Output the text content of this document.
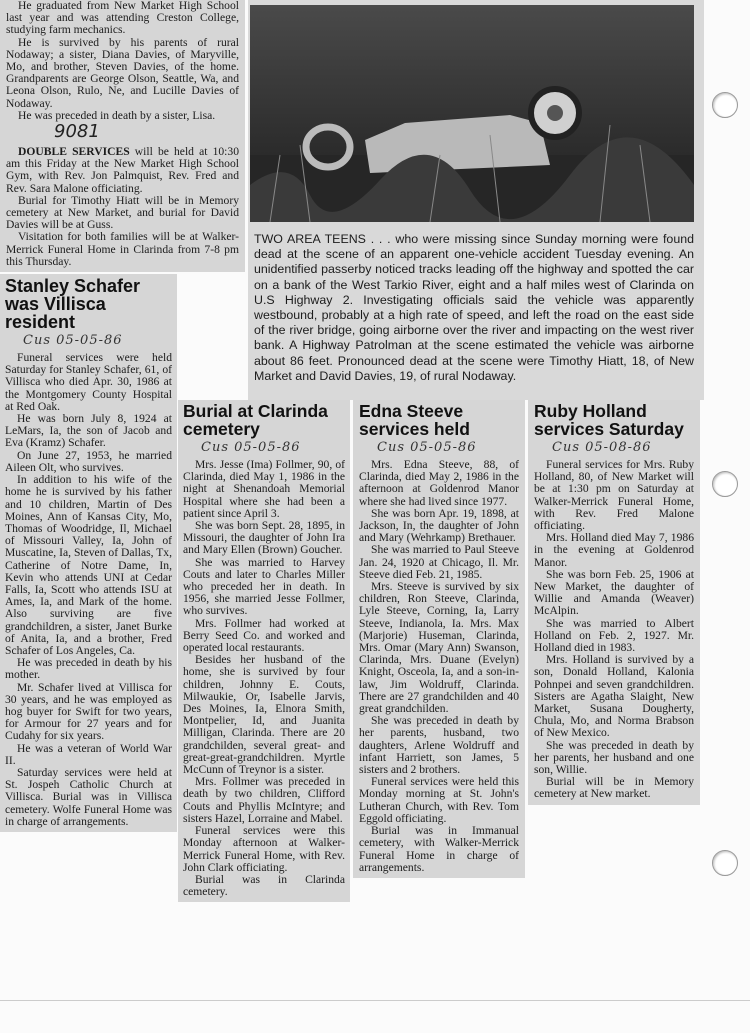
He graduated from New Market High School last year and was attending Creston College, studying farm mechanics.

He is survived by his parents of rural Nodaway; a sister, Diana Davies, of Maryville, Mo, and brother, Steven Davies, of the home. Grandparents are George Olson, Seattle, Wa, and Leona Olson, Rulo, Ne, and Lucille Davies of Nodaway.

He was preceded in death by a sister, Lisa.

9081

DOUBLE SERVICES will be held at 10:30 am this Friday at the New Market High School Gym, with Rev. Jon Palmquist, Rev. Fred and Rev. Sara Malone officiating.

Burial for Timothy Hiatt will be in Memory cemetery at New Market, and burial for David Davies will be at Guss.

Visitation for both families will be at Walker-Merrick Funeral Home in Clarinda from 7-8 pm this Thursday.

Stanley Schafer was Villisca resident
Cus 05-05-86

Funeral services were held Saturday for Stanley Schafer, 61, of Villisca who died Apr. 30, 1986 at the Montgomery County Hospital at Red Oak.

He was born July 8, 1924 at LeMars, Ia, the son of Jacob and Eva (Kramz) Schafer.

On June 27, 1953, he married Aileen Olt, who survives.

In addition to his wife of the home he is survived by his father and 10 children, Martin of Des Moines, Ann of Kansas City, Mo, Thomas of Woodridge, Il, Michael of Missouri Valley, Ia, John of Muscatine, Ia, Steven of Dallas, Tx, Catherine of Notre Dame, In, Kevin who attends UNI at Cedar Falls, Ia, Scott who attends ISU at Ames, Ia, and Mark of the home. Also surviving are five grandchildren, a sister, Janet Burke of Anita, Ia, and a brother, Fred Schafer of Los Angeles, Ca.

He was preceded in death by his mother.

Mr. Schafer lived at Villisca for 30 years, and he was employed as hog buyer for Swift for two years, for Armour for 27 years and for Cudahy for six years.

He was a veteran of World War II.

Saturday services were held at St. Jospeh Catholic Church at Villisca. Burial was in Villisca cemetery. Wolfe Funeral Home was in charge of arrangements.

TWO AREA TEENS . . . who were missing since Sunday morning were found dead at the scene of an apparent one-vehicle accident Tuesday evening. An unidentified passerby noticed tracks leading off the highway and spotted the car on a bank of the West Tarkio River, eight and a half miles west of Clarinda on U.S Highway 2. Investigating officials said the vehicle was apparently westbound, probably at a high rate of speed, and left the road on the east side of the river bridge, going airborne over the river and impacting on the west river bank. A Highway Patrolman at the scene estimated the vehicle was airborne about 86 feet. Pronounced dead at the scene were Timothy Hiatt, 18, of New Market and David Davies, 19, of rural Nodaway.

Burial at Clarinda cemetery
Cus 05-05-86

Mrs. Jesse (Ima) Follmer, 90, of Clarinda, died May 1, 1986 in the night at Shenandoah Memorial Hospital where she had been a patient since April 3.

She was born Sept. 28, 1895, in Missouri, the daughter of John Ira and Mary Ellen (Brown) Goucher.

She was married to Harvey Couts and later to Charles Miller who preceded her in death. In 1956, she married Jesse Follmer, who survives.

Mrs. Follmer had worked at Berry Seed Co. and worked and operated local restaurants.

Besides her husband of the home, she is survived by four children, Johnny E. Couts, Milwaukie, Or, Isabelle Jarvis, Des Moines, Ia, Elnora Smith, Montpelier, Id, and Juanita Milligan, Clarinda. There are 20 grandchilden, several great- and great-great-grandchildren. Myrtle McCunn of Treynor is a sister.

Mrs. Follmer was preceded in death by two children, Clifford Couts and Phyllis McIntyre; and sisters Hazel, Lorraine and Mabel.

Funeral services were this Monday afternoon at Walker-Merrick Funeral Home, with Rev. John Clark officiating.

Burial was in Clarinda cemetery.

Edna Steeve services held
Cus 05-05-86

Mrs. Edna Steeve, 88, of Clarinda, died May 2, 1986 in the afternoon at Goldenrod Manor where she had lived since 1977.

She was born Apr. 19, 1898, at Jackson, In, the daughter of John and Mary (Wehrkamp) Brethauer.

She was married to Paul Steeve Jan. 24, 1920 at Chicago, Il. Mr. Steeve died Feb. 21, 1985.

Mrs. Steeve is survived by six children, Ron Steeve, Clarinda, Lyle Steeve, Corning, Ia, Larry Steeve, Indianola, Ia. Mrs. Max (Marjorie) Huseman, Clarinda, Mrs. Omar (Mary Ann) Swanson, Clarinda, Mrs. Duane (Evelyn) Knight, Osceola, Ia, and a son-in-law, Jim Woldruff, Clarinda. There are 27 grandchilden and 40 great grandchilden.

She was preceded in death by her parents, husband, two daughters, Arlene Woldruff and infant Harriett, son James, 5 sisters and 2 brothers.

Funeral services were held this Monday morning at St. John's Lutheran Church, with Rev. Tom Eggold officiating.

Burial was in Immanual cemetery, with Walker-Merrick Funeral Home in charge of arrangements.

Ruby Holland services Saturday
Cus 05-08-86

Funeral services for Mrs. Ruby Holland, 80, of New Market will be at 1:30 pm on Saturday at Walker-Merrick Funeral Home, with Rev. Fred Malone officiating.

Mrs. Holland died May 7, 1986 in the evening at Goldenrod Manor.

She was born Feb. 25, 1906 at New Market, the daughter of Willie and Amanda (Weaver) McAlpin.

She was married to Albert Holland on Feb. 2, 1927. Mr. Holland died in 1983.

Mrs. Holland is survived by a son, Donald Holland, Kalonia Pohnpei and seven grandchildren. Sisters are Agatha Slaight, New Market, Susana Dougherty, Chula, Mo, and Norma Brabson of New Mexico.

She was preceded in death by her parents, her husband and one son, Willie.

Burial will be in Memory cemetery at New market.
